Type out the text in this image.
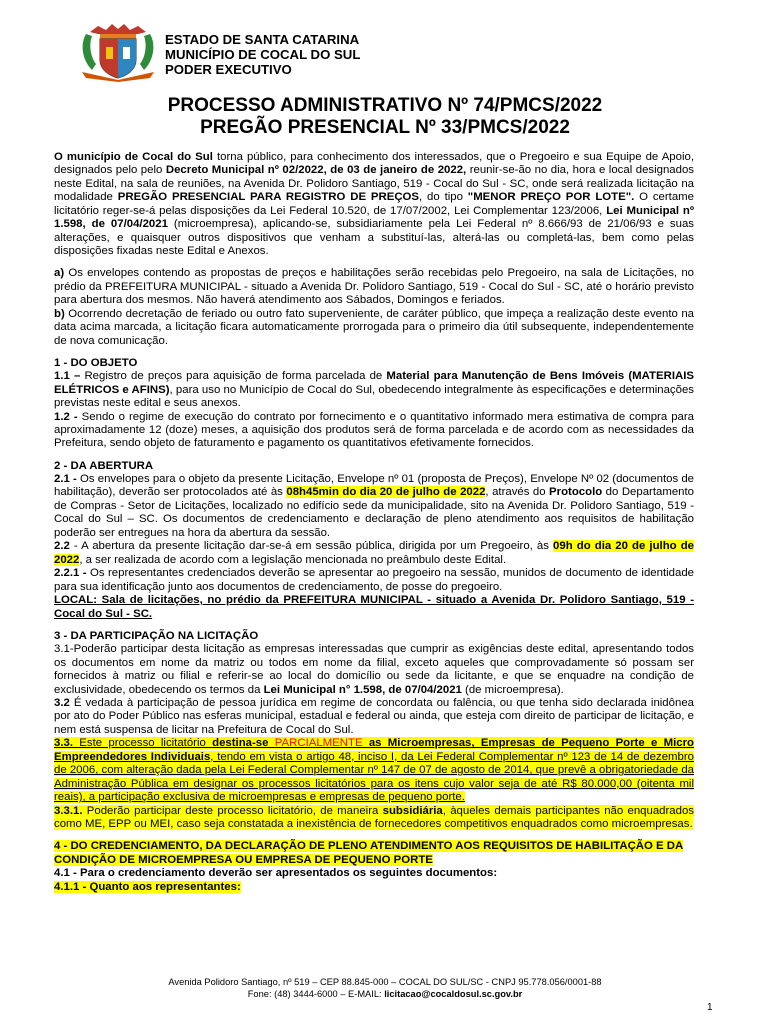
ESTADO DE SANTA CATARINA
MUNICÍPIO DE COCAL DO SUL
PODER EXECUTIVO
PROCESSO ADMINISTRATIVO Nº 74/PMCS/2022
PREGÃO PRESENCIAL Nº 33/PMCS/2022

O município de Cocal do Sul torna público, para conhecimento dos interessados, que o Pregoeiro e sua Equipe de Apoio, designados pelo pelo Decreto Municipal nº 02/2022, de 03 de janeiro de 2022, reunir-se-ão no dia, hora e local designados neste Edital, na sala de reuniões, na Avenida Dr. Polidoro Santiago, 519 - Cocal do Sul - SC, onde será realizada licitação na modalidade PREGÃO PRESENCIAL PARA REGISTRO DE PREÇOS, do tipo "MENOR PREÇO POR LOTE". O certame licitatório reger-se-á pelas disposições da Lei Federal 10.520, de 17/07/2002, Lei Complementar 123/2006, Lei Municipal nº 1.598, de 07/04/2021 (microempresa), aplicando-se, subsidiariamente pela Lei Federal nº 8.666/93 de 21/06/93 e suas alterações, e quaisquer outros dispositivos que venham a substituí-las, alterá-las ou completá-las, bem como pelas disposições fixadas neste Edital e Anexos.

a) Os envelopes contendo as propostas de preços e habilitações serão recebidas pelo Pregoeiro, na sala de Licitações, no prédio da PREFEITURA MUNICIPAL - situado a Avenida Dr. Polidoro Santiago, 519 - Cocal do Sul - SC, até o horário previsto para abertura dos mesmos. Não haverá atendimento aos Sábados, Domingos e feriados.

b) Ocorrendo decretação de feriado ou outro fato superveniente, de caráter público, que impeça a realização deste evento na data acima marcada, a licitação ficara automaticamente prorrogada para o primeiro dia útil subsequente, independentemente de nova comunicação.

1 - DO OBJETO

1.1 – Registro de preços para aquisição de forma parcelada de Material para Manutenção de Bens Imóveis (MATERIAIS ELÉTRICOS e AFINS), para uso no Município de Cocal do Sul, obedecendo integralmente às especificações e determinações previstas neste edital e seus anexos.

1.2 - Sendo o regime de execução do contrato por fornecimento e o quantitativo informado mera estimativa de compra para aproximadamente 12 (doze) meses, a aquisição dos produtos será de forma parcelada e de acordo com as necessidades da Prefeitura, sendo objeto de faturamento e pagamento os quantitativos efetivamente fornecidos.

2 - DA ABERTURA

2.1 - Os envelopes para o objeto da presente Licitação, Envelope nº 01 (proposta de Preços), Envelope Nº 02 (documentos de habilitação), deverão ser protocolados até às 08h45min do dia 20 de julho de 2022, através do Protocolo do Departamento de Compras - Setor de Licitações, localizado no edifício sede da municipalidade, sito na Avenida Dr. Polidoro Santiago, 519 - Cocal do Sul – SC. Os documentos de credenciamento e declaração de pleno atendimento aos requisitos de habilitação poderão ser entregues na hora da abertura da sessão.

2.2 - A abertura da presente licitação dar-se-á em sessão pública, dirigida por um Pregoeiro, às 09h do dia 20 de julho de 2022, a ser realizada de acordo com a legislação mencionada no preâmbulo deste Edital.

2.2.1 - Os representantes credenciados deverão se apresentar ao pregoeiro na sessão, munidos de documento de identidade para sua identificação junto aos documentos de credenciamento, de posse do pregoeiro.

LOCAL: Sala de licitações, no prédio da PREFEITURA MUNICIPAL - situado a Avenida Dr. Polidoro Santiago, 519 - Cocal do Sul - SC.

3 - DA PARTICIPAÇÃO NA LICITAÇÃO

3.1-Poderão participar desta licitação as empresas interessadas que cumprir as exigências deste edital, apresentando todos os documentos em nome da matriz ou todos em nome da filial, exceto aqueles que comprovadamente só possam ser fornecidos à matriz ou filial e referir-se ao local do domicílio ou sede da licitante, e que se enquadre na condição de exclusividade, obedecendo os termos da Lei Municipal n° 1.598, de 07/04/2021 (de microempresa).

3.2 É vedada à participação de pessoa jurídica em regime de concordata ou falência, ou que tenha sido declarada inidônea por ato do Poder Público nas esferas municipal, estadual e federal ou ainda, que esteja com direito de participar de licitação, e nem está suspensa de licitar na Prefeitura de Cocal do Sul.

3.3. Este processo licitatório destina-se PARCIALMENTE as Microempresas, Empresas de Pequeno Porte e Micro Empreendedores Individuais, tendo em vista o artigo 48, inciso I, da Lei Federal Complementar nº 123 de 14 de dezembro de 2006, com alteração dada pela Lei Federal Complementar nº 147 de 07 de agosto de 2014, que prevê a obrigatoriedade da Administração Pública em designar os processos licitatórios para os itens cujo valor seja de até R$ 80.000,00 (oitenta mil reais), a participação exclusiva de microempresas e empresas de pequeno porte.

3.3.1. Poderão participar deste processo licitatório, de maneira subsidiária, àqueles demais participantes não enquadrados como ME, EPP ou MEI, caso seja constatada a inexistência de fornecedores competitivos enquadrados como microempresas.

4 - DO CREDENCIAMENTO, DA DECLARAÇÃO DE PLENO ATENDIMENTO AOS REQUISITOS DE HABILITAÇÃO E DA CONDIÇÃO DE MICROEMPRESA OU EMPRESA DE PEQUENO PORTE
4.1 - Para o credenciamento deverão ser apresentados os seguintes documentos:
4.1.1 - Quanto aos representantes:
Avenida Polidoro Santiago, nº 519 – CEP 88.845-000 – COCAL DO SUL/SC - CNPJ 95.778.056/0001-88
Fone: (48) 3444-6000 – E-MAIL: licitacao@cocaldosul.sc.gov.br
1
